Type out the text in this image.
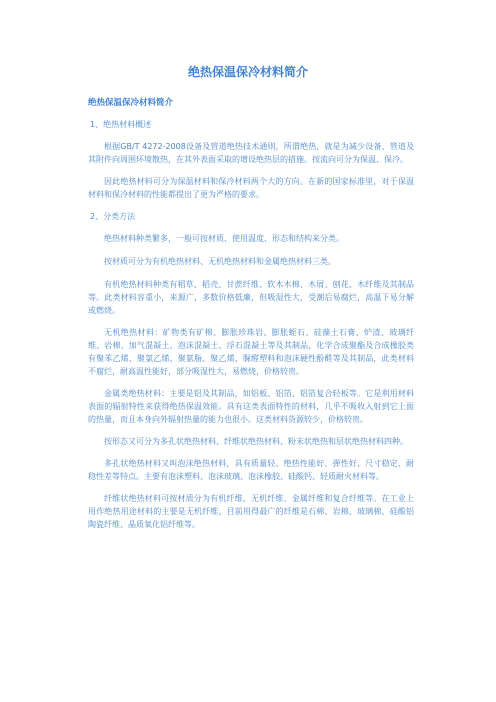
绝热保温保冷材料简介
绝热保温保冷材料简介
1、绝热材料概述

根据GB/T 4272-2008设备及管道绝热技术通则，所谓绝热，就是为减少设备、管道及其附件向周围环境散热，在其外表面采取的增设绝热层的措施。按流向可分为保温、保冷。

因此绝热材料可分为保温材料和保冷材料两个大的方向。在新的国家标准里，对于保温材料和保冷材料的性能都提出了更为严格的要求。

2、分类方法

绝热材料种类繁多，一般可按材质、使用温度、形态和结构来分类。

按材质可分为有机绝热材料、无机绝热材料和金属绝热材料三类。

有机绝热材料种类有稻草、稻壳、甘蔗纤维、软木木棉、木屑、刨花、木纤维及其制品等。此类材料容重小，来源广，多数价格低廉，但吸湿性大，受潮后易腐烂，高温下易分解或燃烧。

无机绝热材料：矿物类有矿棉、膨胀珍珠岩、膨胀蛭石、硅藻土石膏、炉渣、玻璃纤维、岩棉、加气混凝土、泡沫混凝土、浮石混凝土等及其制品，化学合成聚酯及合成橡胶类有聚苯乙烯、聚氯乙烯、聚氨脂、聚乙烯、脲醛塑料和泡沫硬性酚醛等及其制品，此类材料不腐烂，耐高温性能好，部分吸湿性大，易燃烧，价格较贵。

金属类绝热材料：主要是铝及其制品，如铝板、铝箔、铝箔复合轻板等。它是利用材料表面的辐射特性来获得绝热保温效能。具有这类表面特性的材料，几乎不吸收入射到它上面的热量，而且本身向外辐射热量的能力也很小。这类材料货源较少，价格较贵。

按形态又可分为多孔状绝热材料、纤维状绝热材料、粉末状绝热和层状绝热材料四种。

多孔状绝热材料又叫泡沫绝热材料，具有质量轻、绝热性能好、弹性好、尺寸稳定、耐稳性差等特点。主要有泡沫塑料、泡沫玻璃、泡沫橡胶、硅酸钙、轻质耐火材料等。

纤维状绝热材料可按材质分为有机纤维、无机纤维、金属纤维和复合纤维等。在工业上用作绝热用途材料的主要是无机纤维，目前用得最广的纤维是石棉、岩棉、玻璃棉、硅酸铝陶瓷纤维、晶质氧化铝纤维等。
